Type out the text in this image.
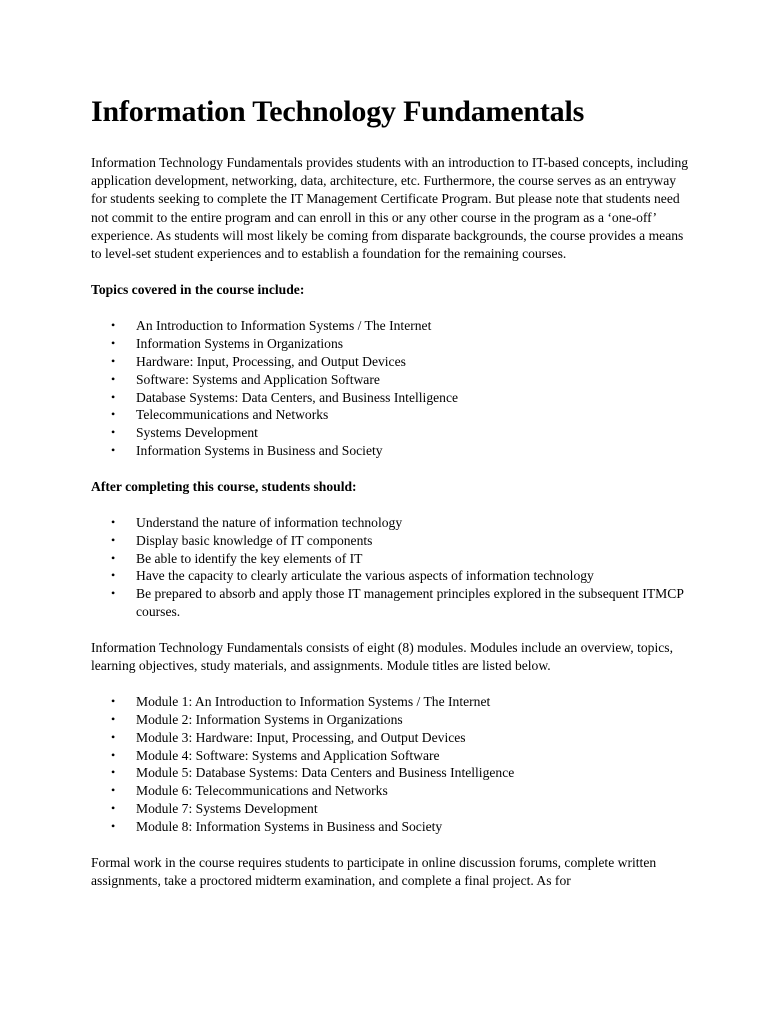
Information Technology Fundamentals

Information Technology Fundamentals provides students with an introduction to IT-based concepts, including application development, networking, data, architecture, etc. Furthermore, the course serves as an entryway for students seeking to complete the IT Management Certificate Program. But please note that students need not commit to the entire program and can enroll in this or any other course in the program as a ‘one-off’ experience. As students will most likely be coming from disparate backgrounds, the course provides a means to level-set student experiences and to establish a foundation for the remaining courses.

Topics covered in the course include:

• An Introduction to Information Systems / The Internet
• Information Systems in Organizations
• Hardware: Input, Processing, and Output Devices
• Software: Systems and Application Software
• Database Systems: Data Centers, and Business Intelligence
• Telecommunications and Networks
• Systems Development
• Information Systems in Business and Society

After completing this course, students should:

• Understand the nature of information technology
• Display basic knowledge of IT components
• Be able to identify the key elements of IT
• Have the capacity to clearly articulate the various aspects of information technology
• Be prepared to absorb and apply those IT management principles explored in the subsequent ITMCP courses.

Information Technology Fundamentals consists of eight (8) modules. Modules include an overview, topics, learning objectives, study materials, and assignments. Module titles are listed below.

• Module 1: An Introduction to Information Systems / The Internet
• Module 2: Information Systems in Organizations
• Module 3: Hardware: Input, Processing, and Output Devices
• Module 4: Software: Systems and Application Software
• Module 5: Database Systems: Data Centers and Business Intelligence
• Module 6: Telecommunications and Networks
• Module 7: Systems Development
• Module 8: Information Systems in Business and Society

Formal work in the course requires students to participate in online discussion forums, complete written assignments, take a proctored midterm examination, and complete a final project. As for
